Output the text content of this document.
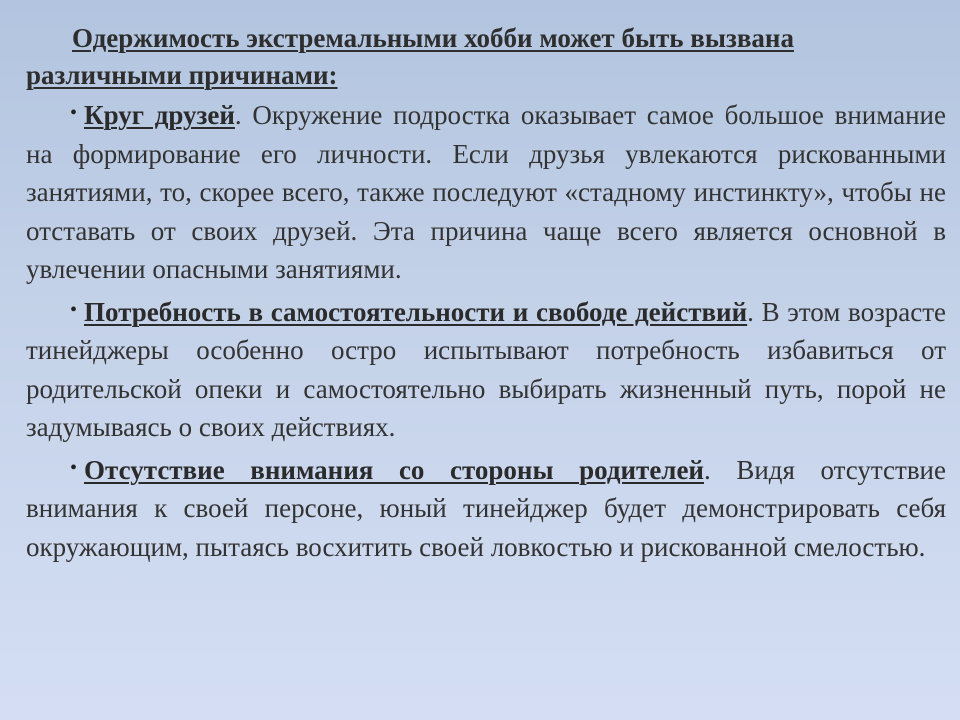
Одержимость экстремальными хобби может быть вызвана
различными причинами:

• Круг друзей. Окружение подростка оказывает самое большое внимание на формирование его личности. Если друзья увлекаются рискованными занятиями, то, скорее всего, также последуют «стадному инстинкту», чтобы не отставать от своих друзей. Эта причина чаще всего является основной в увлечении опасными занятиями.

• Потребность в самостоятельности и свободе действий. В этом возрасте тинейджеры особенно остро испытывают потребность избавиться от родительской опеки и самостоятельно выбирать жизненный путь, порой не задумываясь о своих действиях.

• Отсутствие внимания со стороны родителей. Видя отсутствие внимания к своей персоне, юный тинейджер будет демонстрировать себя окружающим, пытаясь восхитить своей ловкостью и рискованной смелостью.
